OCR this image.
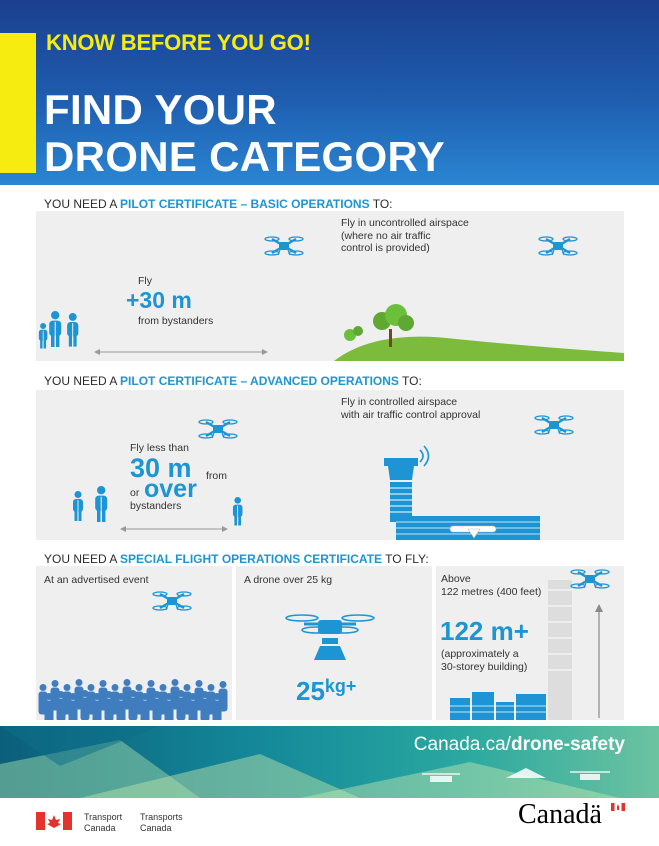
KNOW BEFORE YOU GO!
FIND YOUR
DRONE CATEGORY
YOU NEED A PILOT CERTIFICATE – BASIC OPERATIONS TO:
Fly
+30 m
from bystanders
Fly in uncontrolled airspace
(where no air traffic
control is provided)
YOU NEED A PILOT CERTIFICATE – ADVANCED OPERATIONS TO:
Fly less than
30 m from
or over
bystanders
Fly in controlled airspace
with air traffic control approval
YOU NEED A SPECIAL FLIGHT OPERATIONS CERTIFICATE TO FLY:
At an advertised event	A drone over 25 kg
25kg+
Above
122 metres (400 feet)
122 m+
(approximately a
30-storey building)
Canada.ca/drone-safety
Transport
Canada
Transports
Canada	Canadä
